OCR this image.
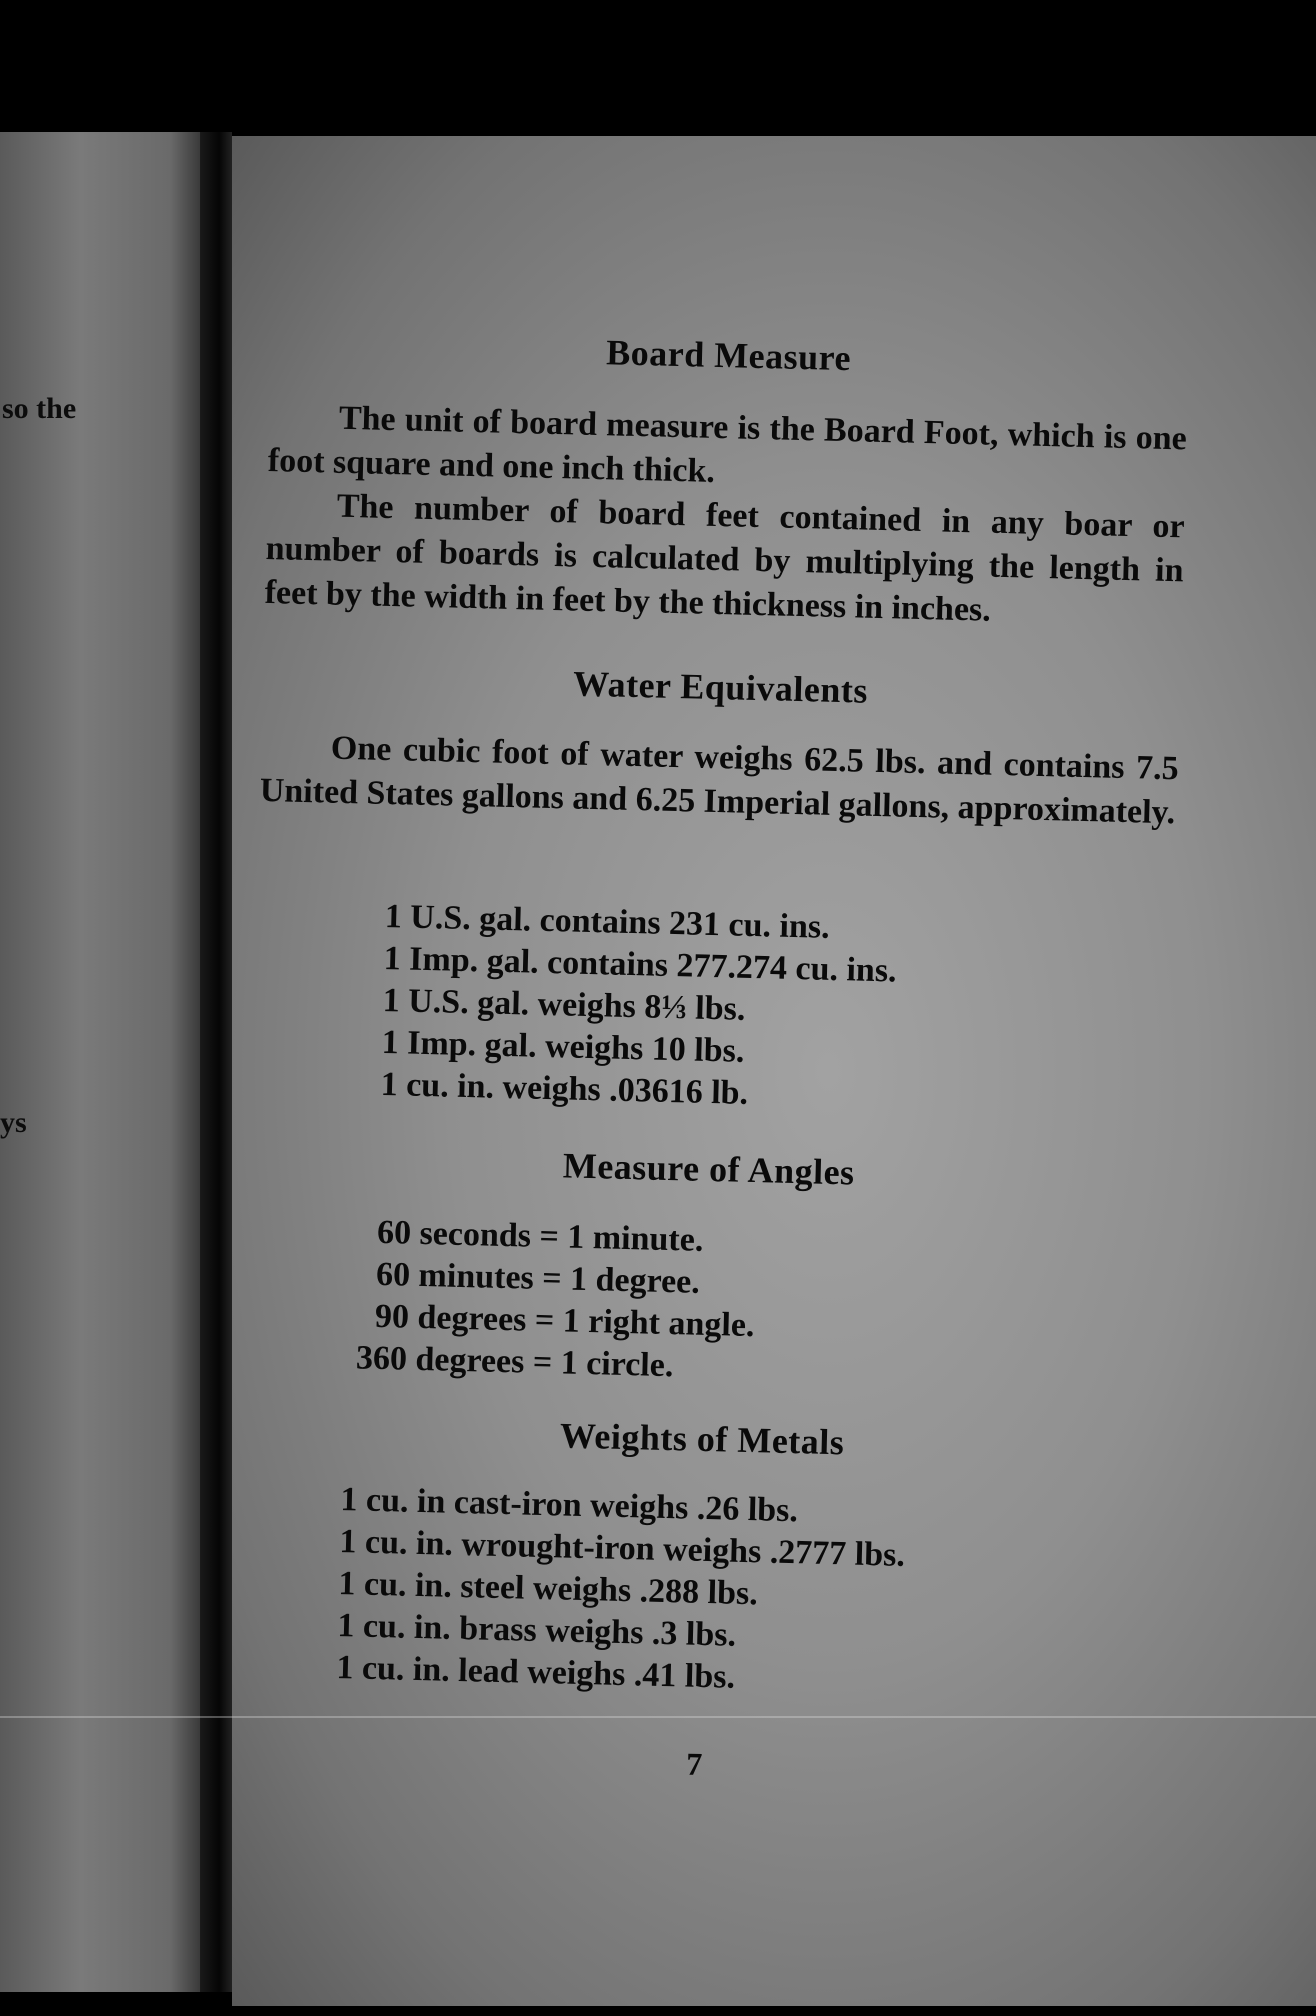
so the
ys
Board Measure

The unit of board measure is the Board Foot, which is one foot square and one inch thick.

The number of board feet contained in any boar or number of boards is calculated by multiplying the length in feet by the width in feet by the thickness in inches.

Water Equivalents

One cubic foot of water weighs 62.5 lbs. and contains 7.5 United States gallons and 6.25 Imperial gallons, approximately.

1 U.S. gal. contains 231 cu. ins.
1 Imp. gal. contains 277.274 cu. ins.
1 U.S. gal. weighs 8⅓ lbs.
1 Imp. gal. weighs 10 lbs.
1 cu. in. weighs .03616 lb.
Measure of Angles
60 seconds = 1 minute.
60 minutes = 1 degree.
90 degrees = 1 right angle.
360 degrees = 1 circle.
Weights of Metals
1 cu. in cast-iron weighs .26 lbs.
1 cu. in. wrought-iron weighs .2777 lbs.
1 cu. in. steel weighs .288 lbs.
1 cu. in. brass weighs .3 lbs.
1 cu. in. lead weighs .41 lbs.
7
